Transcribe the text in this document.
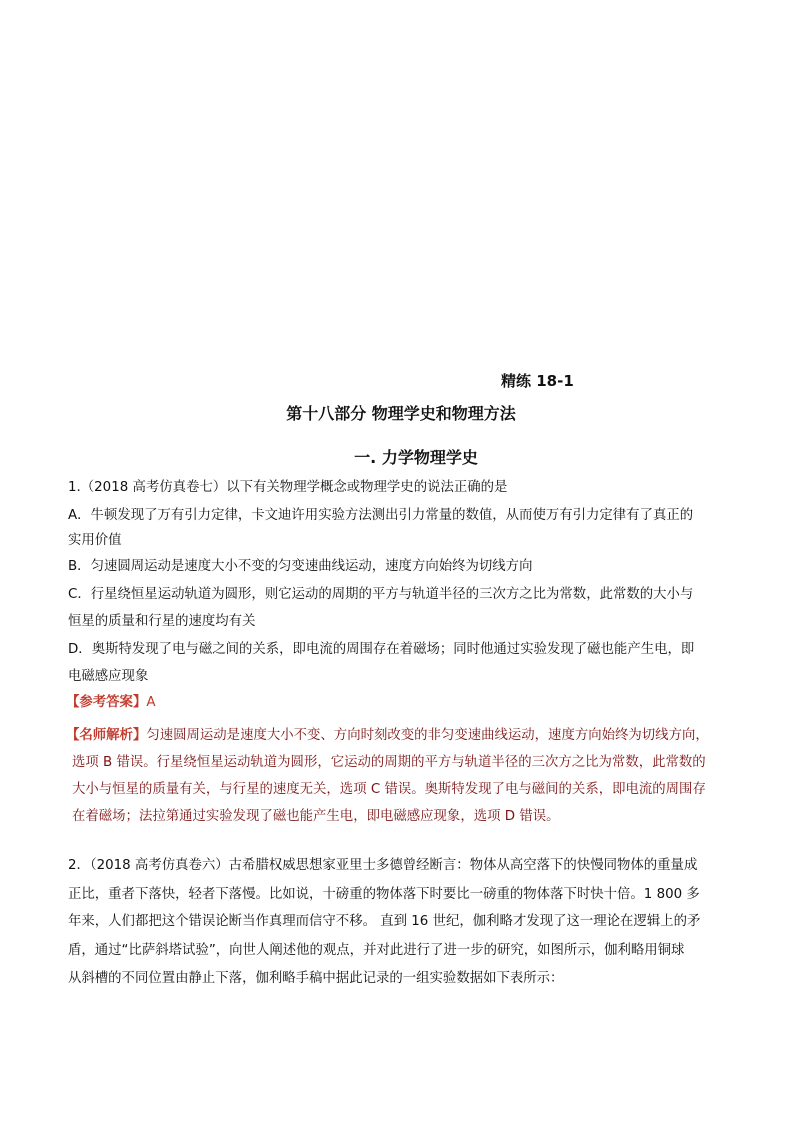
精练 18-1
第十八部分 物理学史和物理方法
一. 力学物理学史
1.（2018 高考仿真卷七）以下有关物理学概念或物理学史的说法正确的是
A．牛顿发现了万有引力定律，卡文迪许用实验方法测出引力常量的数值，从而使万有引力定律有了真正的
实用价值
B．匀速圆周运动是速度大小不变的匀变速曲线运动，速度方向始终为切线方向
C．行星绕恒星运动轨道为圆形，则它运动的周期的平方与轨道半径的三次方之比为常数，此常数的大小与
恒星的质量和行星的速度均有关
D．奥斯特发现了电与磁之间的关系，即电流的周围存在着磁场；同时他通过实验发现了磁也能产生电，即
电磁感应现象
【参考答案】A
【名师解析】匀速圆周运动是速度大小不变、方向时刻改变的非匀变速曲线运动，速度方向始终为切线方向，
选项 B 错误。行星绕恒星运动轨道为圆形，它运动的周期的平方与轨道半径的三次方之比为常数，此常数的
大小与恒星的质量有关，与行星的速度无关，选项 C 错误。奥斯特发现了电与磁间的关系，即电流的周围存
在着磁场；法拉第通过实验发现了磁也能产生电，即电磁感应现象，选项 D 错误。
2．（2018 高考仿真卷六）古希腊权威思想家亚里士多德曾经断言：物体从高空落下的快慢同物体的重量成
正比，重者下落快，轻者下落慢。比如说，十磅重的物体落下时要比一磅重的物体落下时快十倍。1 800 多
年来，人们都把这个错误论断当作真理而信守不移。 直到 16 世纪，伽利略才发现了这一理论在逻辑上的矛
盾，通过“比萨斜塔试验”，向世人阐述他的观点，并对此进行了进一步的研究，如图所示，伽利略用铜球
从斜槽的不同位置由静止下落，伽利略手稿中据此记录的一组实验数据如下表所示：
